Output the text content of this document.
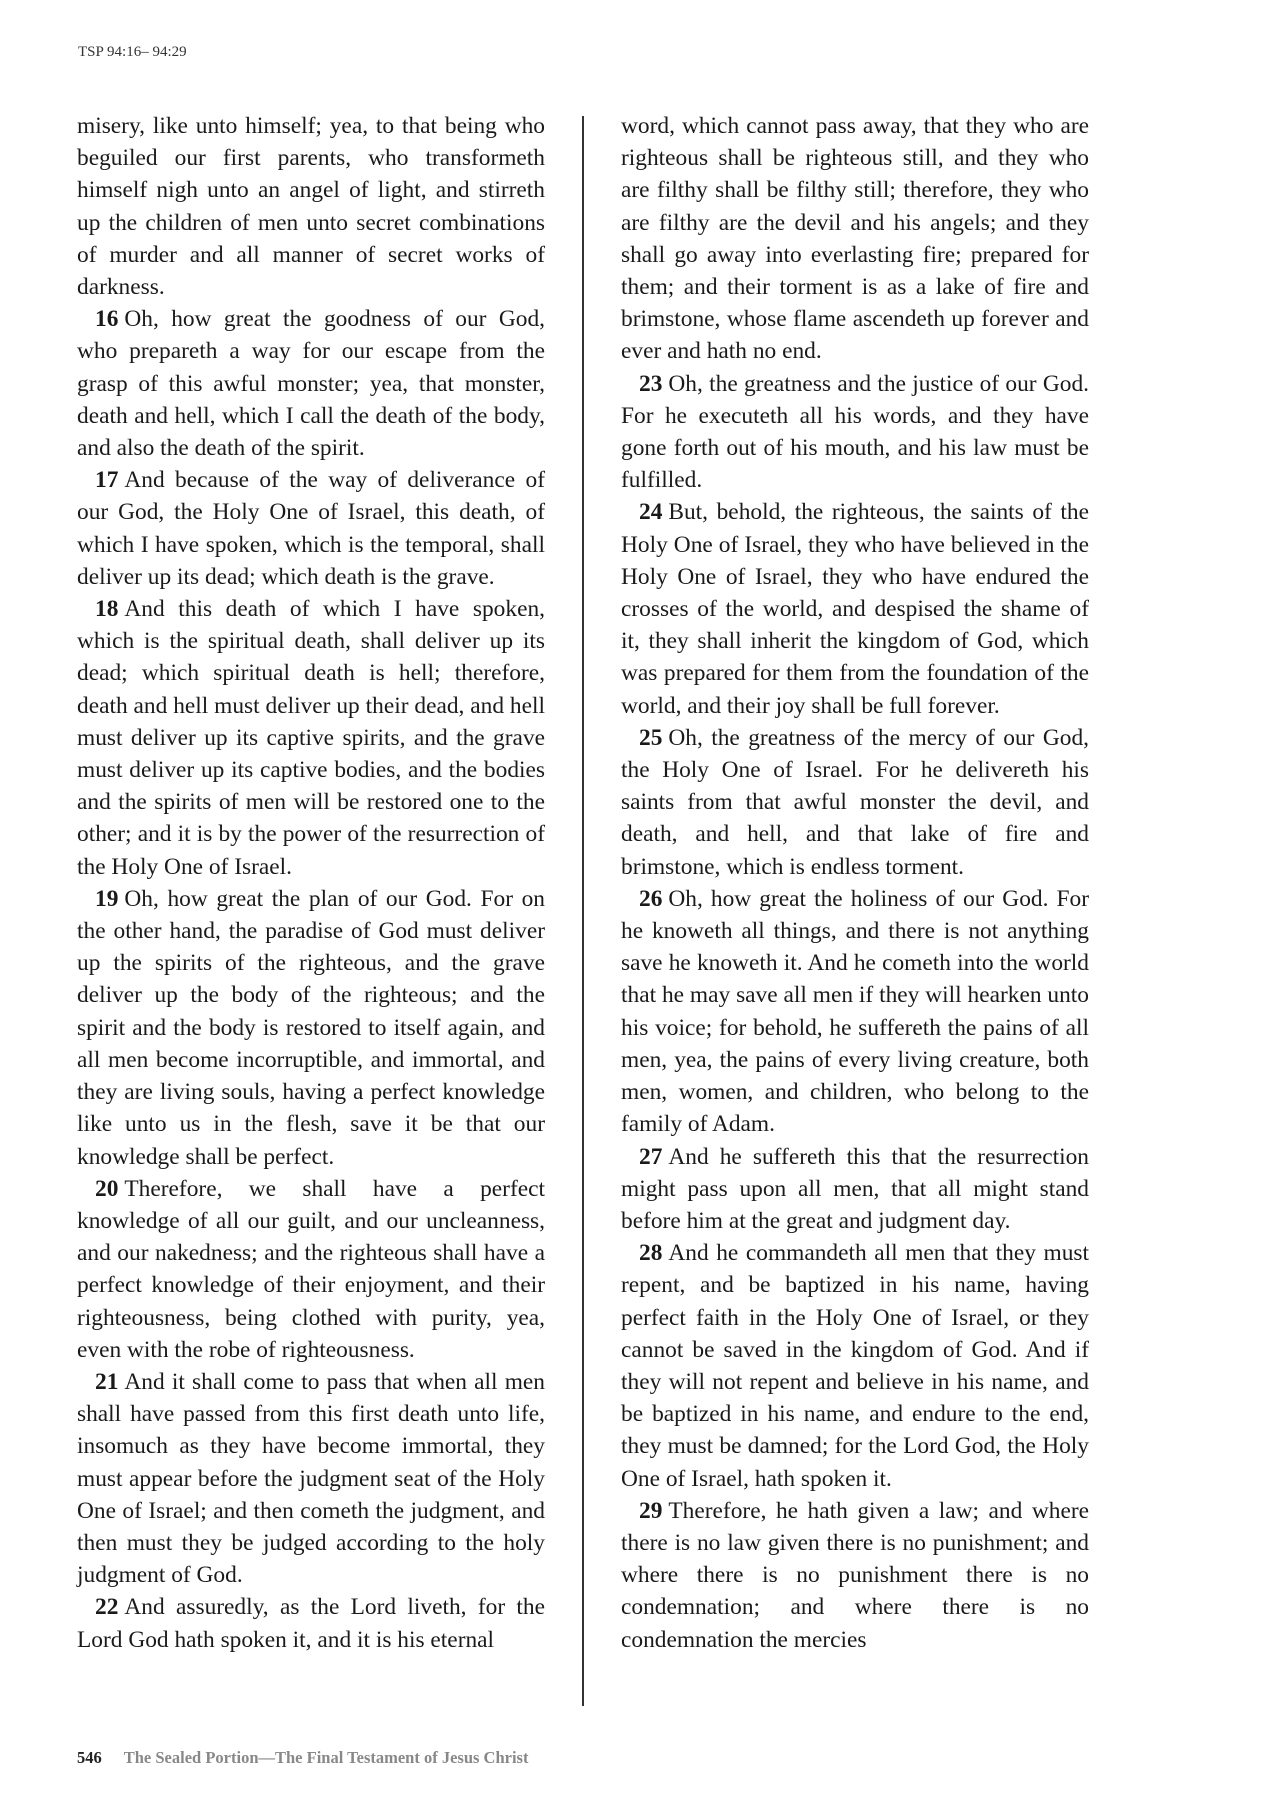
TSP 94:16– 94:29

misery, like unto himself; yea, to that being who beguiled our first parents, who transformeth himself nigh unto an angel of light, and stirreth up the children of men unto secret combinations of murder and all manner of secret works of darkness.

16 Oh, how great the goodness of our God, who prepareth a way for our escape from the grasp of this awful monster; yea, that monster, death and hell, which I call the death of the body, and also the death of the spirit.

17 And because of the way of deliverance of our God, the Holy One of Israel, this death, of which I have spoken, which is the temporal, shall deliver up its dead; which death is the grave.

18 And this death of which I have spoken, which is the spiritual death, shall deliver up its dead; which spiritual death is hell; therefore, death and hell must deliver up their dead, and hell must deliver up its captive spirits, and the grave must deliver up its captive bodies, and the bodies and the spirits of men will be restored one to the other; and it is by the power of the resurrection of the Holy One of Israel.

19 Oh, how great the plan of our God. For on the other hand, the paradise of God must deliver up the spirits of the righteous, and the grave deliver up the body of the righteous; and the spirit and the body is restored to itself again, and all men become incorruptible, and immortal, and they are living souls, having a perfect knowledge like unto us in the flesh, save it be that our knowledge shall be perfect.

20 Therefore, we shall have a perfect knowledge of all our guilt, and our uncleanness, and our nakedness; and the righteous shall have a perfect knowledge of their enjoyment, and their righteousness, being clothed with purity, yea, even with the robe of righteousness.

21 And it shall come to pass that when all men shall have passed from this first death unto life, insomuch as they have become immortal, they must appear before the judgment seat of the Holy One of Israel; and then cometh the judgment, and then must they be judged according to the holy judgment of God.

22 And assuredly, as the Lord liveth, for the Lord God hath spoken it, and it is his eternal

word, which cannot pass away, that they who are righteous shall be righteous still, and they who are filthy shall be filthy still; therefore, they who are filthy are the devil and his angels; and they shall go away into everlasting fire; prepared for them; and their torment is as a lake of fire and brimstone, whose flame ascendeth up forever and ever and hath no end.

23 Oh, the greatness and the justice of our God. For he executeth all his words, and they have gone forth out of his mouth, and his law must be fulfilled.

24 But, behold, the righteous, the saints of the Holy One of Israel, they who have believed in the Holy One of Israel, they who have endured the crosses of the world, and despised the shame of it, they shall inherit the kingdom of God, which was prepared for them from the foundation of the world, and their joy shall be full forever.

25 Oh, the greatness of the mercy of our God, the Holy One of Israel. For he delivereth his saints from that awful monster the devil, and death, and hell, and that lake of fire and brimstone, which is endless torment.

26 Oh, how great the holiness of our God. For he knoweth all things, and there is not anything save he knoweth it. And he cometh into the world that he may save all men if they will hearken unto his voice; for behold, he suffereth the pains of all men, yea, the pains of every living creature, both men, women, and children, who belong to the family of Adam.

27 And he suffereth this that the resurrection might pass upon all men, that all might stand before him at the great and judgment day.

28 And he commandeth all men that they must repent, and be baptized in his name, having perfect faith in the Holy One of Israel, or they cannot be saved in the kingdom of God. And if they will not repent and believe in his name, and be baptized in his name, and endure to the end, they must be damned; for the Lord God, the Holy One of Israel, hath spoken it.

29 Therefore, he hath given a law; and where there is no law given there is no punishment; and where there is no punishment there is no condemnation; and where there is no condemnation the mercies

546 The Sealed Portion—The Final Testament of Jesus Christ
